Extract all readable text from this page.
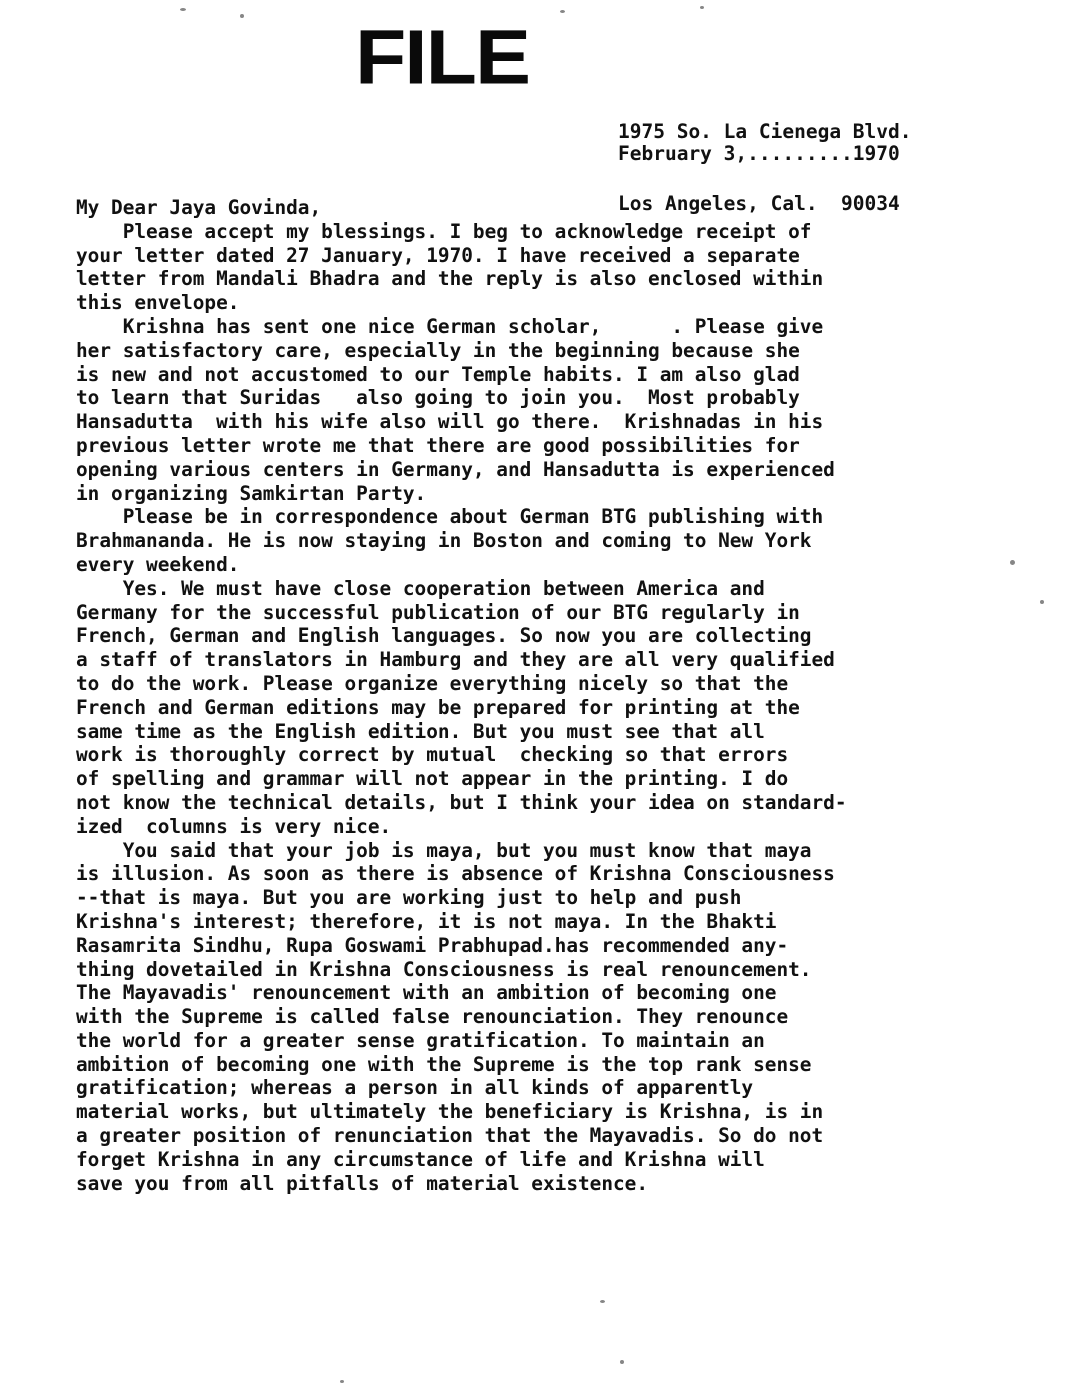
FILE

1975 So. La Cienega Blvd.

Los Angeles, Cal.  90034

February 3,.........1970
My Dear Jaya Govinda,
Please accept my blessings. I beg to acknowledge receipt of
your letter dated 27 January, 1970. I have received a separate
letter from Mandali Bhadra and the reply is also enclosed within
this envelope.
Krishna has sent one nice German scholar,      . Please give
her satisfactory care, especially in the beginning because she
is new and not accustomed to our Temple habits. I am also glad
to learn that Suridas   also going to join you.  Most probably
Hansadutta  with his wife also will go there.  Krishnadas in his
previous letter wrote me that there are good possibilities for
opening various centers in Germany, and Hansadutta is experienced
in organizing Samkirtan Party.
Please be in correspondence about German BTG publishing with
Brahmananda. He is now staying in Boston and coming to New York
every weekend.
Yes. We must have close cooperation between America and
Germany for the successful publication of our BTG regularly in
French, German and English languages. So now you are collecting
a staff of translators in Hamburg and they are all very qualified
to do the work. Please organize everything nicely so that the
French and German editions may be prepared for printing at the
same time as the English edition. But you must see that all
work is thoroughly correct by mutual  checking so that errors
of spelling and grammar will not appear in the printing. I do
not know the technical details, but I think your idea on standard-
ized  columns is very nice.
You said that your job is maya, but you must know that maya
is illusion. As soon as there is absence of Krishna Consciousness
--that is maya. But you are working just to help and push
Krishna's interest; therefore, it is not maya. In the Bhakti
Rasamrita Sindhu, Rupa Goswami Prabhupad.has recommended any-
thing dovetailed in Krishna Consciousness is real renouncement.
The Mayavadis' renouncement with an ambition of becoming one
with the Supreme is called false renounciation. They renounce
the world for a greater sense gratification. To maintain an
ambition of becoming one with the Supreme is the top rank sense
gratification; whereas a person in all kinds of apparently
material works, but ultimately the beneficiary is Krishna, is in
a greater position of renunciation that the Mayavadis. So do not
forget Krishna in any circumstance of life and Krishna will
save you from all pitfalls of material existence.
